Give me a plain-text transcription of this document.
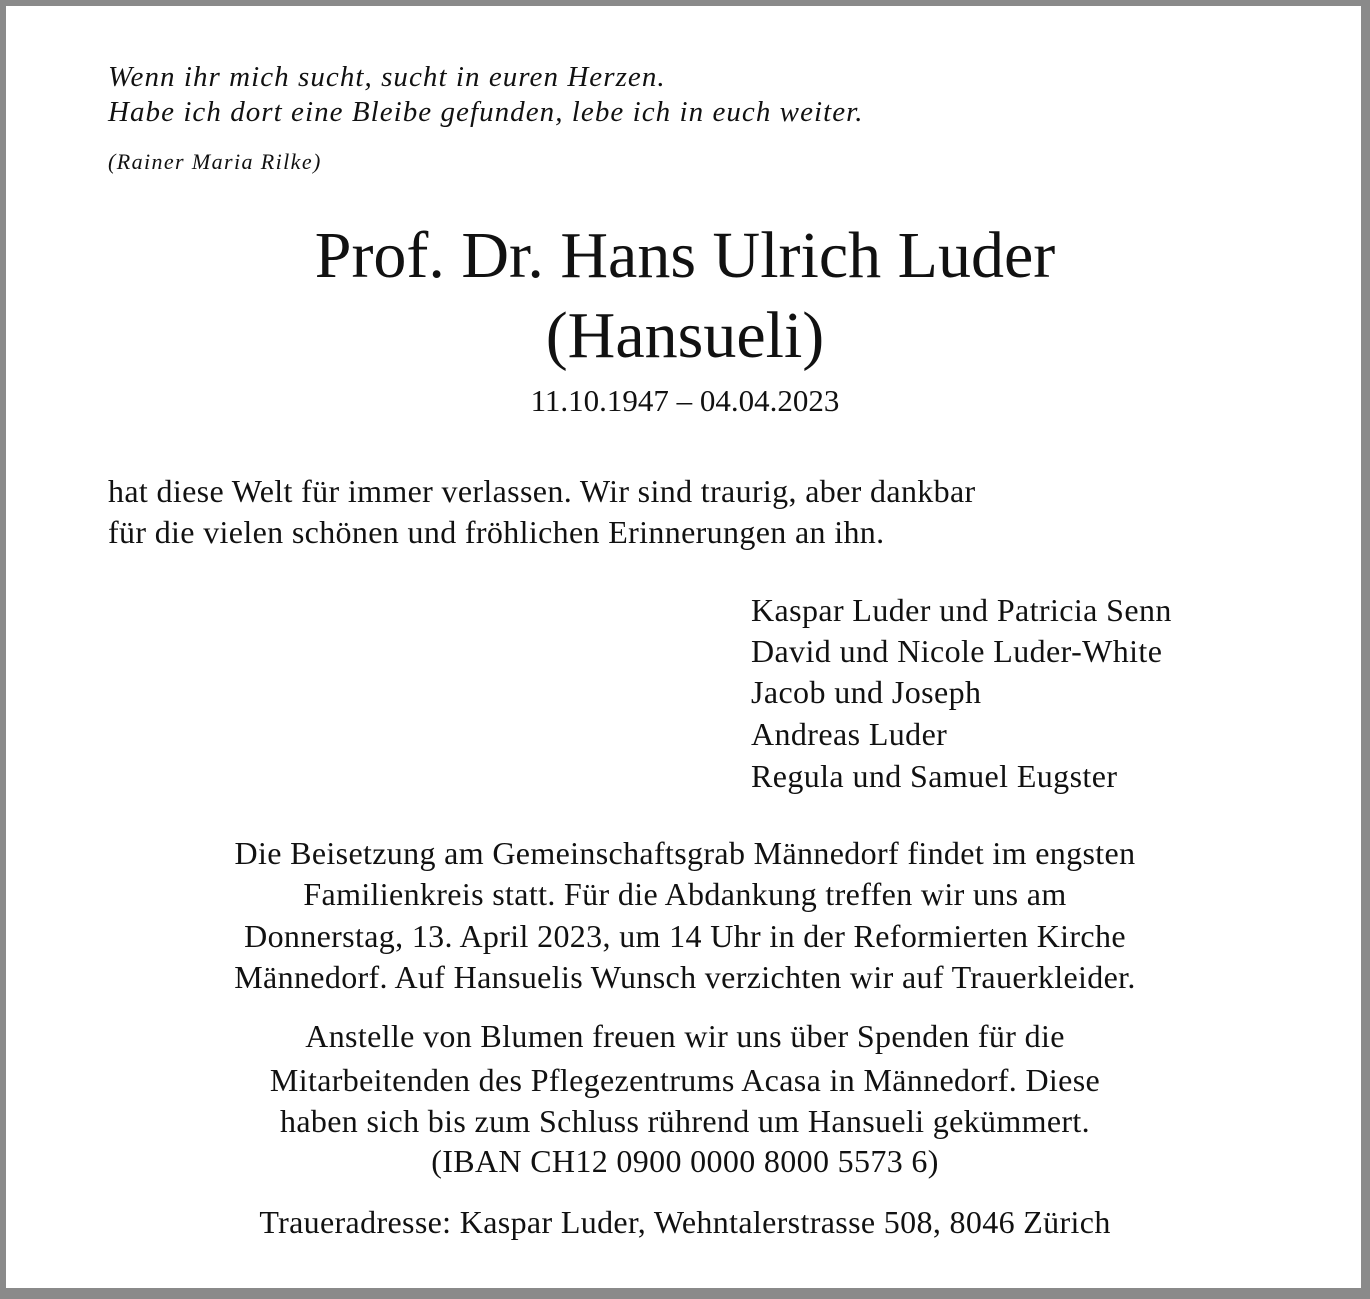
Wenn ihr mich sucht, sucht in euren Herzen.

Habe ich dort eine Bleibe gefunden, lebe ich in euch weiter.

(Rainer Maria Rilke)

Prof. Dr. Hans Ulrich Luder

(Hansueli)

11.10.1947 – 04.04.2023

hat diese Welt für immer verlassen. Wir sind traurig, aber dankbar

für die vielen schönen und fröhlichen Erinnerungen an ihn.

Kaspar Luder und Patricia Senn

David und Nicole Luder-White

Jacob und Joseph

Andreas Luder

Regula und Samuel Eugster

Die Beisetzung am Gemeinschaftsgrab Männedorf findet im engsten

Familienkreis statt. Für die Abdankung treffen wir uns am

Donnerstag, 13. April 2023, um 14 Uhr in der Reformierten Kirche

Männedorf. Auf Hansuelis Wunsch verzichten wir auf Trauerkleider.

Anstelle von Blumen freuen wir uns über Spenden für die

Mitarbeitenden des Pflegezentrums Acasa in Männedorf. Diese

haben sich bis zum Schluss rührend um Hansueli gekümmert.

(IBAN CH12 0900 0000 8000 5573 6)

Traueradresse: Kaspar Luder, Wehntalerstrasse 508, 8046 Zürich
